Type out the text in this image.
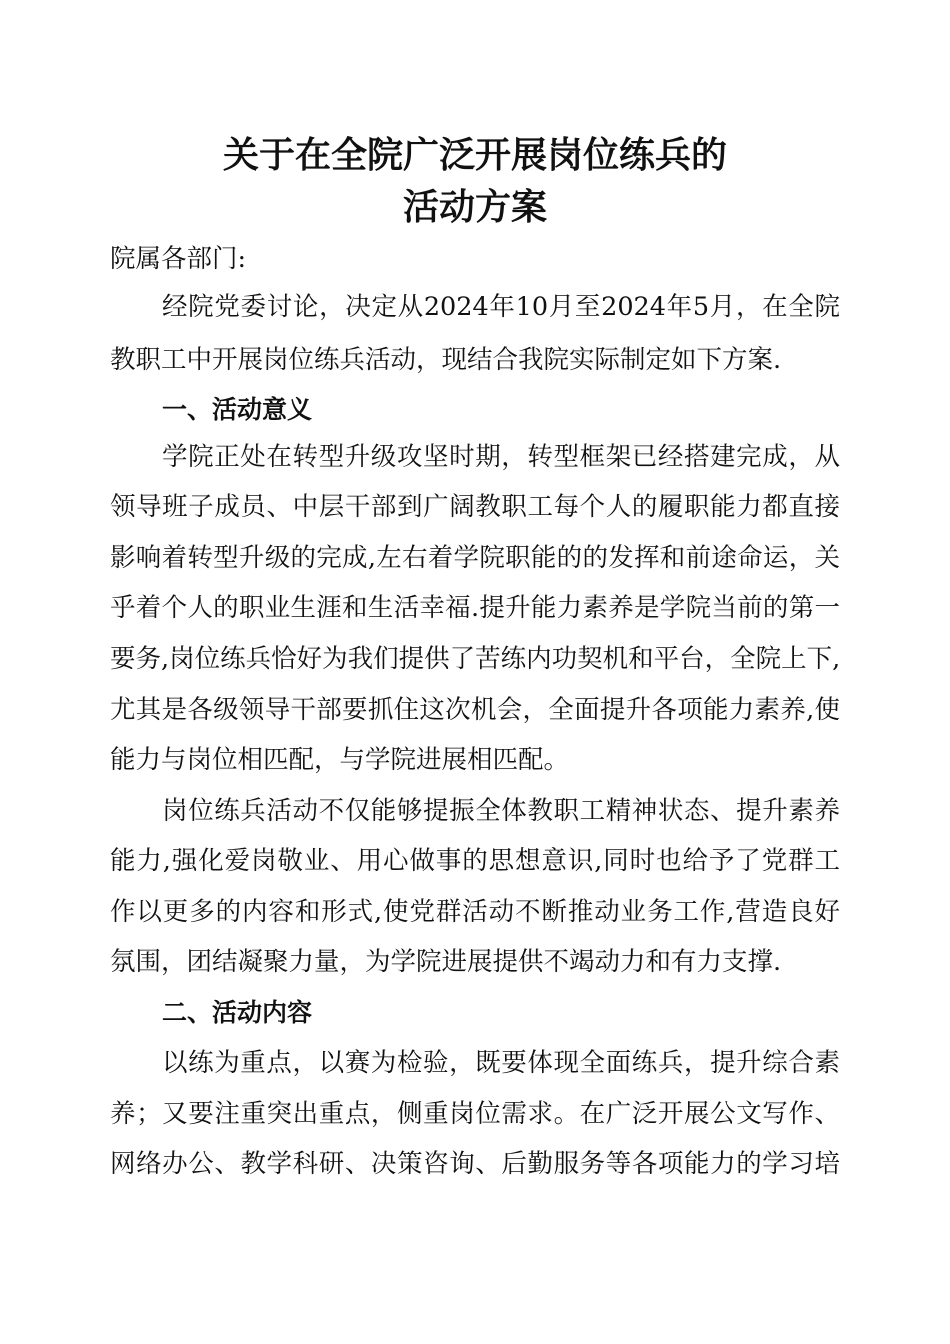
关于在全院广泛开展岗位练兵的
活动方案
院属各部门:
经院党委讨论，决定从2024年10月至2024年5月，在全院
教职工中开展岗位练兵活动，现结合我院实际制定如下方案.
一、活动意义
学院正处在转型升级攻坚时期，转型框架已经搭建完成，从
领导班子成员、中层干部到广阔教职工每个人的履职能力都直接
影响着转型升级的完成,左右着学院职能的的发挥和前途命运，关
乎着个人的职业生涯和生活幸福.提升能力素养是学院当前的第一
要务,岗位练兵恰好为我们提供了苦练内功契机和平台，全院上下,
尤其是各级领导干部要抓住这次机会，全面提升各项能力素养,使
能力与岗位相匹配，与学院进展相匹配。
岗位练兵活动不仅能够提振全体教职工精神状态、提升素养
能力,强化爱岗敬业、用心做事的思想意识,同时也给予了党群工
作以更多的内容和形式,使党群活动不断推动业务工作,营造良好
氛围，团结凝聚力量，为学院进展提供不竭动力和有力支撑.
二、活动内容
以练为重点，以赛为检验，既要体现全面练兵，提升综合素
养；又要注重突出重点，侧重岗位需求。在广泛开展公文写作、
网络办公、教学科研、决策咨询、后勤服务等各项能力的学习培
